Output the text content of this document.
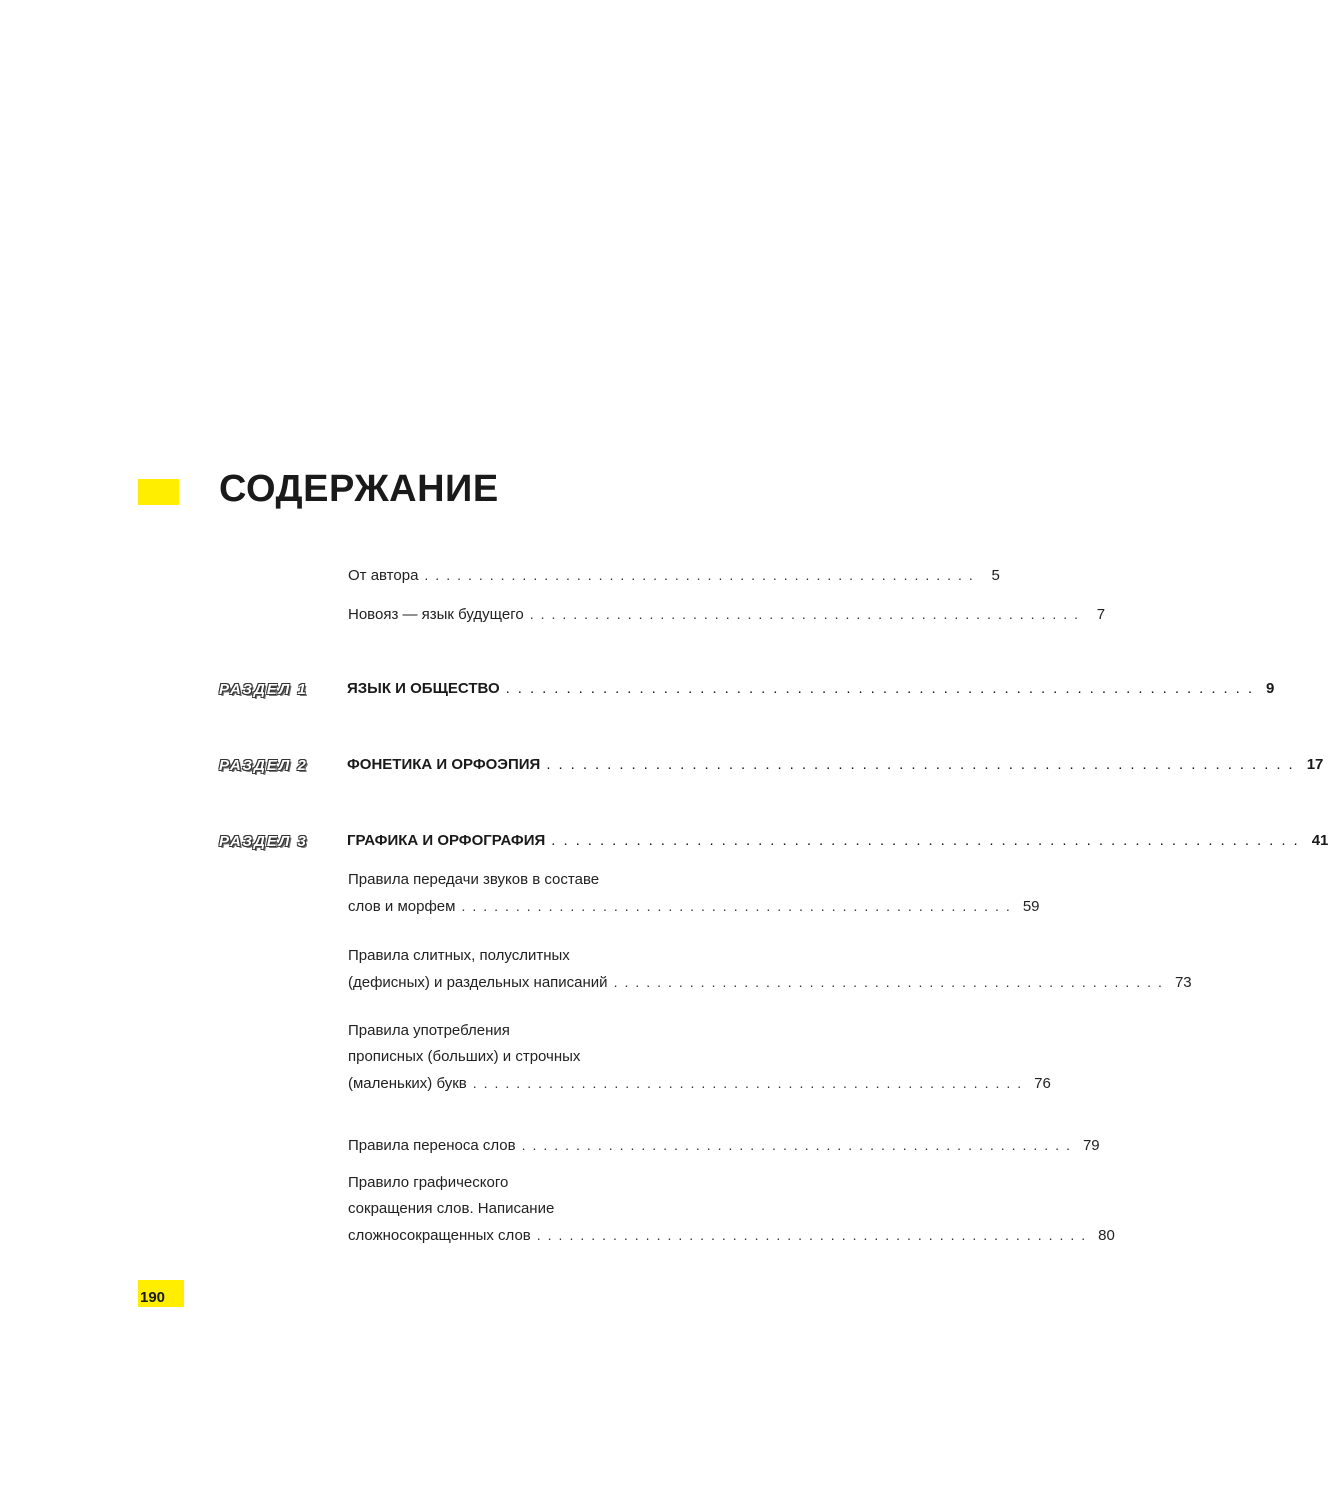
СОДЕРЖАНИЕ
От автора ................................................... 5
Новояз — язык будущего ................................................... 7
РАЗДЕЛ 1	ЯЗЫК И ОБЩЕСТВО .............................................................. 9
РАЗДЕЛ 2	ФОНЕТИКА И ОРФОЭПИЯ .............................................................. 17
РАЗДЕЛ 3	ГРАФИКА И ОРФОГРАФИЯ .............................................................. 41
Правила передачи звуков в составе
слов и морфем ................................................... 59
Правила слитных, полуслитных
(дефисных) и раздельных написаний ................................................... 73
Правила употребления
прописных (больших) и строчных
(маленьких) букв ................................................... 76
Правила переноса слов ................................................... 79
Правило графического
сокращения слов. Написание
сложносокращенных слов ................................................... 80
190
